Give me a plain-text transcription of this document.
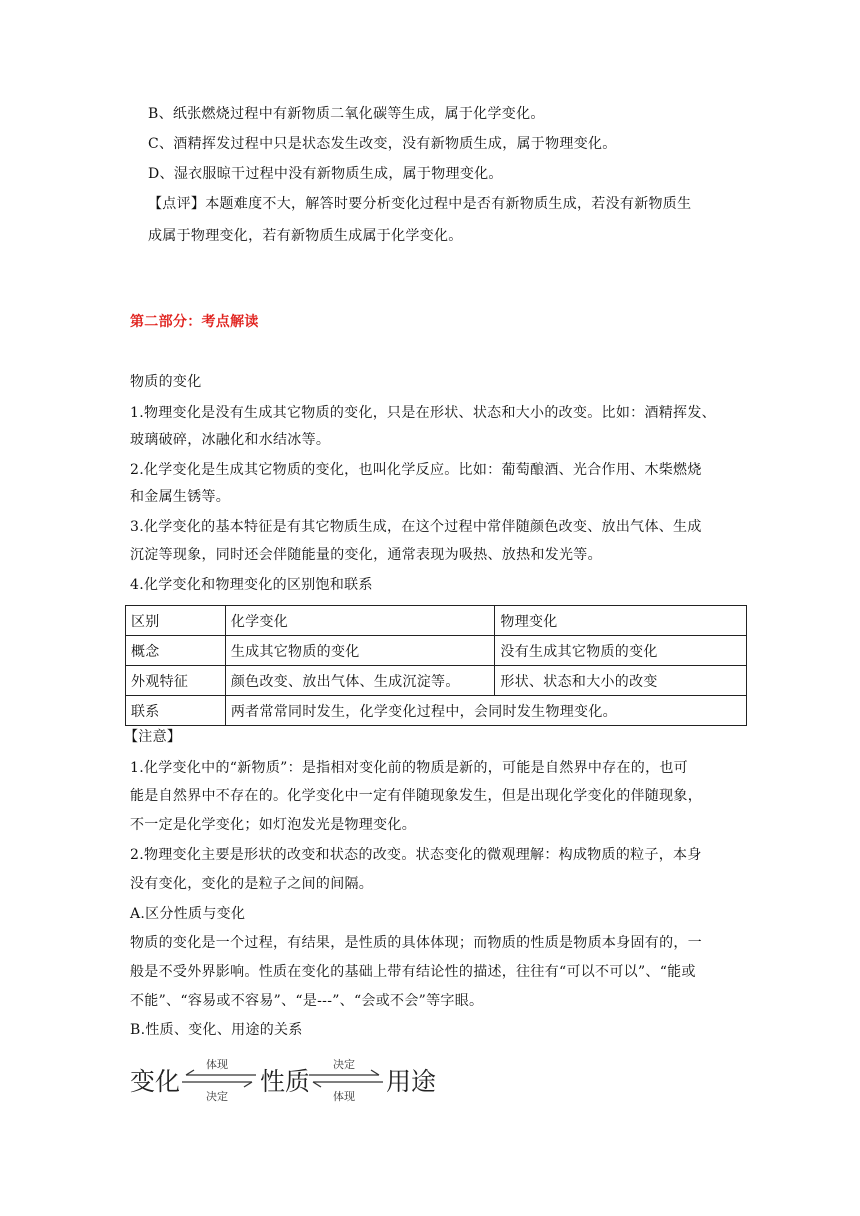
B、纸张燃烧过程中有新物质二氧化碳等生成，属于化学变化。
C、酒精挥发过程中只是状态发生改变，没有新物质生成，属于物理变化。
D、湿衣服晾干过程中没有新物质生成，属于物理变化。
【点评】本题难度不大，解答时要分析变化过程中是否有新物质生成，若没有新物质生
成属于物理变化，若有新物质生成属于化学变化。
第二部分：考点解读
物质的变化
1.物理变化是没有生成其它物质的变化，只是在形状、状态和大小的改变。比如：酒精挥发、
玻璃破碎，冰融化和水结冰等。
2.化学变化是生成其它物质的变化，也叫化学反应。比如：葡萄酿酒、光合作用、木柴燃烧
和金属生锈等。
3.化学变化的基本特征是有其它物质生成，在这个过程中常伴随颜色改变、放出气体、生成
沉淀等现象，同时还会伴随能量的变化，通常表现为吸热、放热和发光等。
4.化学变化和物理变化的区别饱和联系
区别	化学变化	物理变化
概念	生成其它物质的变化	没有生成其它物质的变化
外观特征	颜色改变、放出气体、生成沉淀等。	形状、状态和大小的改变
联系	两者常常同时发生，化学变化过程中，会同时发生物理变化。	
【注意】
1.化学变化中的“新物质”：是指相对变化前的物质是新的，可能是自然界中存在的，也可
能是自然界中不存在的。化学变化中一定有伴随现象发生，但是出现化学变化的伴随现象，
不一定是化学变化；如灯泡发光是物理变化。
2.物理变化主要是形状的改变和状态的改变。状态变化的微观理解：构成物质的粒子，本身
没有变化，变化的是粒子之间的间隔。
A.区分性质与变化
物质的变化是一个过程，有结果，是性质的具体体现；而物质的性质是物质本身固有的，一
般是不受外界影响。性质在变化的基础上带有结论性的描述，往往有“可以不可以”、“能或
不能”、“容易或不容易”、“是---”、“会或不会”等字眼。
B.性质、变化、用途的关系
变化
体现
决定
性质
决定
体现
用途
